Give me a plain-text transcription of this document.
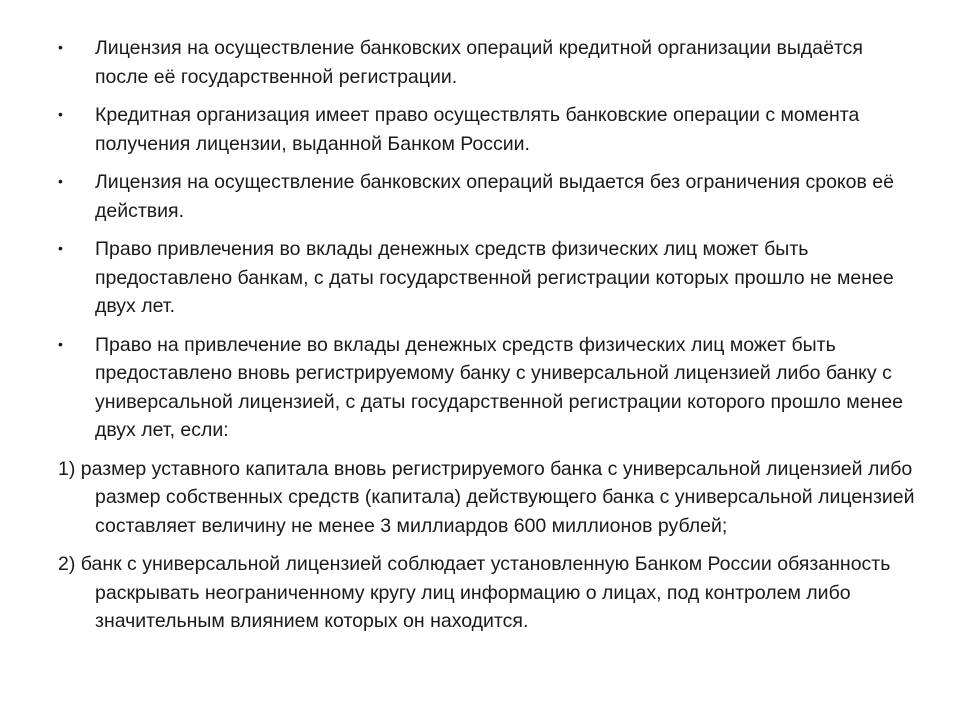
• Лицензия на осуществление банковских операций кредитной организации выдаётся после её государственной регистрации.
• Кредитная организация имеет право осуществлять банковские операции с момента получения лицензии, выданной Банком России.
• Лицензия на осуществление банковских операций выдается без ограничения сроков её действия.
• Право привлечения во вклады денежных средств физических лиц может быть предоставлено банкам, с даты государственной регистрации которых прошло не менее двух лет.
• Право на привлечение во вклады денежных средств физических лиц может быть предоставлено вновь регистрируемому банку с универсальной лицензией либо банку с универсальной лицензией, с даты государственной регистрации которого прошло менее двух лет, если:
1) размер уставного капитала вновь регистрируемого банка с универсальной лицензией либо размер собственных средств (капитала) действующего банка с универсальной лицензией составляет величину не менее 3 миллиардов 600 миллионов рублей;
2) банк с универсальной лицензией соблюдает установленную Банком России обязанность раскрывать неограниченному кругу лиц информацию о лицах, под контролем либо значительным влиянием которых он находится.
